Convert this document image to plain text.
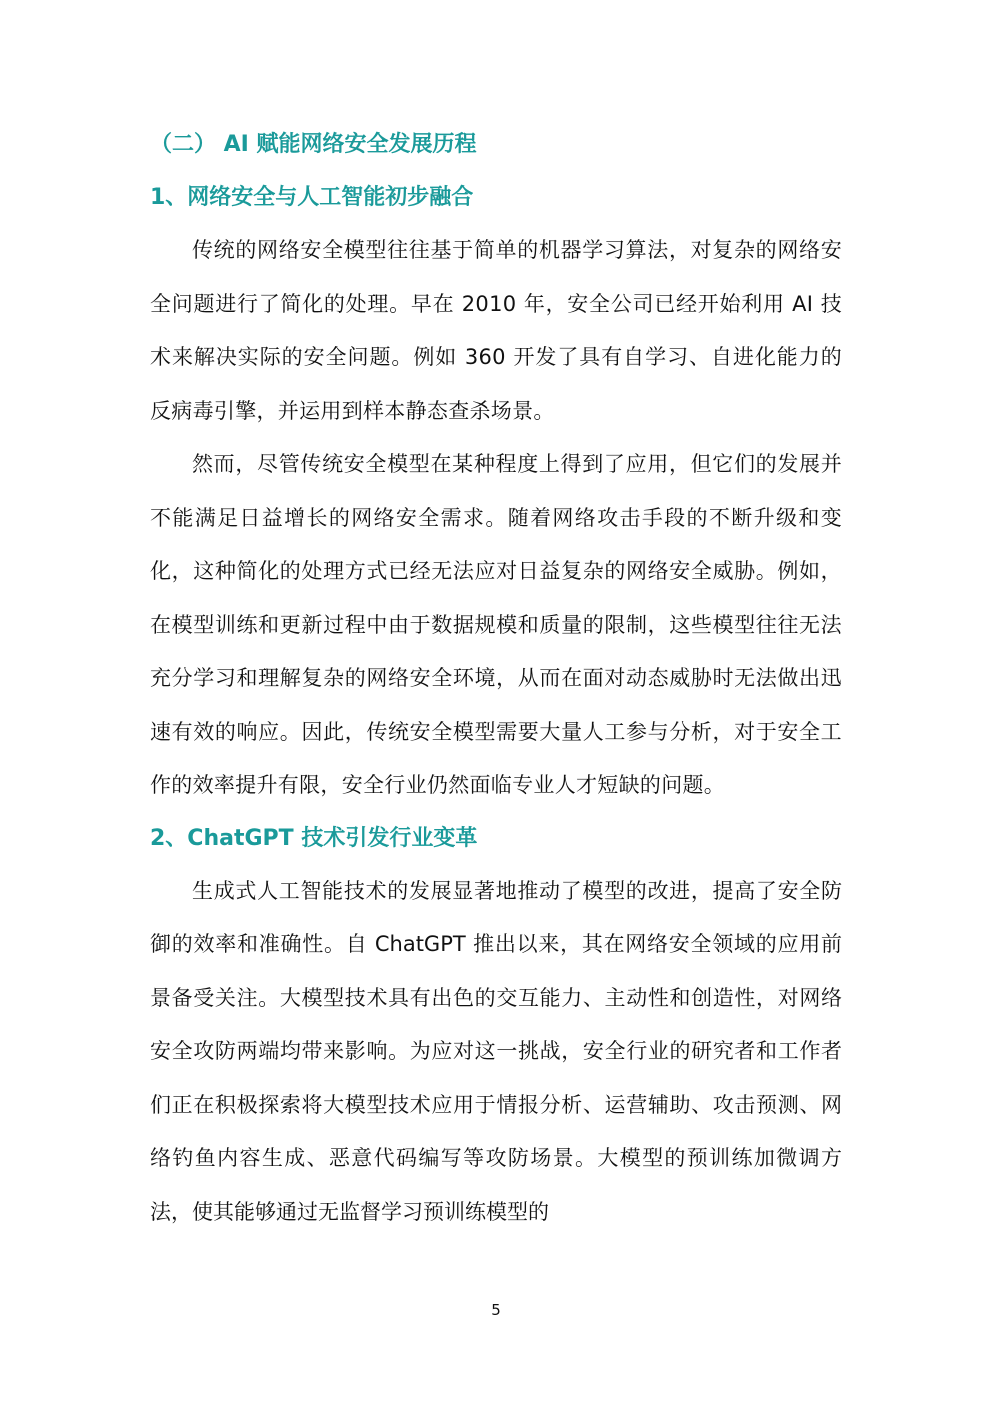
（二） AI 赋能网络安全发展历程
1、网络安全与人工智能初步融合

传统的网络安全模型往往基于简单的机器学习算法，对复杂的网络安全问题进行了简化的处理。早在 2010 年，安全公司已经开始利用 AI 技术来解决实际的安全问题。例如 360 开发了具有自学习、自进化能力的反病毒引擎，并运用到样本静态查杀场景。

然而，尽管传统安全模型在某种程度上得到了应用，但它们的发展并不能满足日益增长的网络安全需求。随着网络攻击手段的不断升级和变化，这种简化的处理方式已经无法应对日益复杂的网络安全威胁。例如，在模型训练和更新过程中由于数据规模和质量的限制，这些模型往往无法充分学习和理解复杂的网络安全环境，从而在面对动态威胁时无法做出迅速有效的响应。因此，传统安全模型需要大量人工参与分析，对于安全工作的效率提升有限，安全行业仍然面临专业人才短缺的问题。

2、ChatGPT 技术引发行业变革

生成式人工智能技术的发展显著地推动了模型的改进，提高了安全防御的效率和准确性。自 ChatGPT 推出以来，其在网络安全领域的应用前景备受关注。大模型技术具有出色的交互能力、主动性和创造性，对网络安全攻防两端均带来影响。为应对这一挑战，安全行业的研究者和工作者们正在积极探索将大模型技术应用于情报分析、运营辅助、攻击预测、网络钓鱼内容生成、恶意代码编写等攻防场景。大模型的预训练加微调方法，使其能够通过无监督学习预训练模型的

5
